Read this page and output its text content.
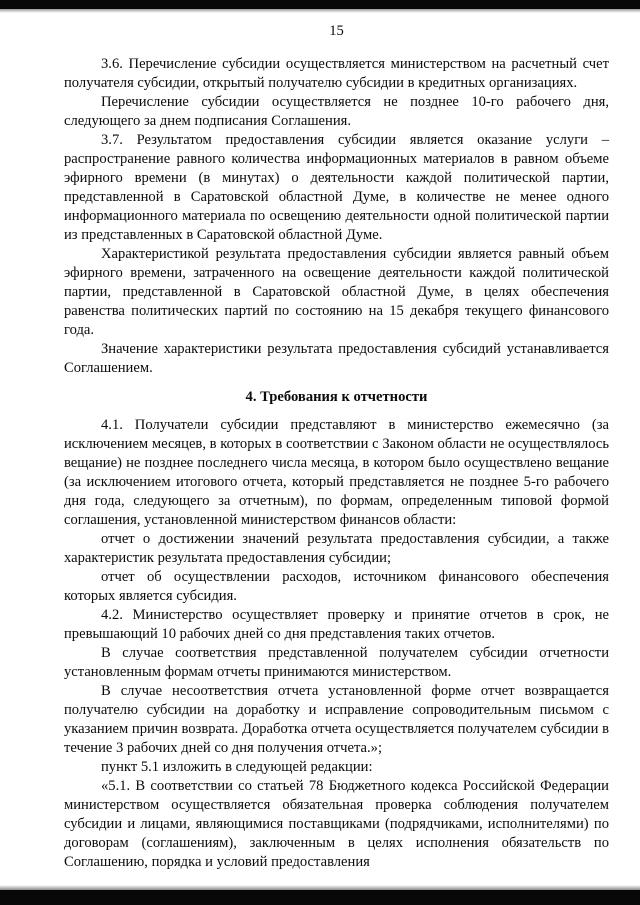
15

3.6. Перечисление субсидии осуществляется министерством на расчетный счет получателя субсидии, открытый получателю субсидии в кредитных организациях.

Перечисление субсидии осуществляется не позднее 10-го рабочего дня, следующего за днем подписания Соглашения.

3.7. Результатом предоставления субсидии является оказание услуги – распространение равного количества информационных материалов в равном объеме эфирного времени (в минутах) о деятельности каждой политической партии, представленной в Саратовской областной Думе, в количестве не менее одного информационного материала по освещению деятельности одной политической партии из представленных в Саратовской областной Думе.

Характеристикой результата предоставления субсидии является равный объем эфирного времени, затраченного на освещение деятельности каждой политической партии, представленной в Саратовской областной Думе, в целях обеспечения равенства политических партий по состоянию на 15 декабря текущего финансового года.

Значение характеристики результата предоставления субсидий устанавливается Соглашением.

4. Требования к отчетности

4.1. Получатели субсидии представляют в министерство ежемесячно (за исключением месяцев, в которых в соответствии с Законом области не осуществлялось вещание) не позднее последнего числа месяца, в котором было осуществлено вещание (за исключением итогового отчета, который представляется не позднее 5-го рабочего дня года, следующего за отчетным), по формам, определенным типовой формой соглашения, установленной министерством финансов области:

отчет о достижении значений результата предоставления субсидии, а также характеристик результата предоставления субсидии;

отчет об осуществлении расходов, источником финансового обеспечения которых является субсидия.

4.2. Министерство осуществляет проверку и принятие отчетов в срок, не превышающий 10 рабочих дней со дня представления таких отчетов.

В случае соответствия представленной получателем субсидии отчетности установленным формам отчеты принимаются министерством.

В случае несоответствия отчета установленной форме отчет возвращается получателю субсидии на доработку и исправление сопроводительным письмом с указанием причин возврата. Доработка отчета осуществляется получателем субсидии в течение 3 рабочих дней со дня получения отчета.»;

пункт 5.1 изложить в следующей редакции:

«5.1. В соответствии со статьей 78 Бюджетного кодекса Российской Федерации министерством осуществляется обязательная проверка соблюдения получателем субсидии и лицами, являющимися поставщиками (подрядчиками, исполнителями) по договорам (соглашениям), заключенным в целях исполнения обязательств по Соглашению, порядка и условий предоставления
